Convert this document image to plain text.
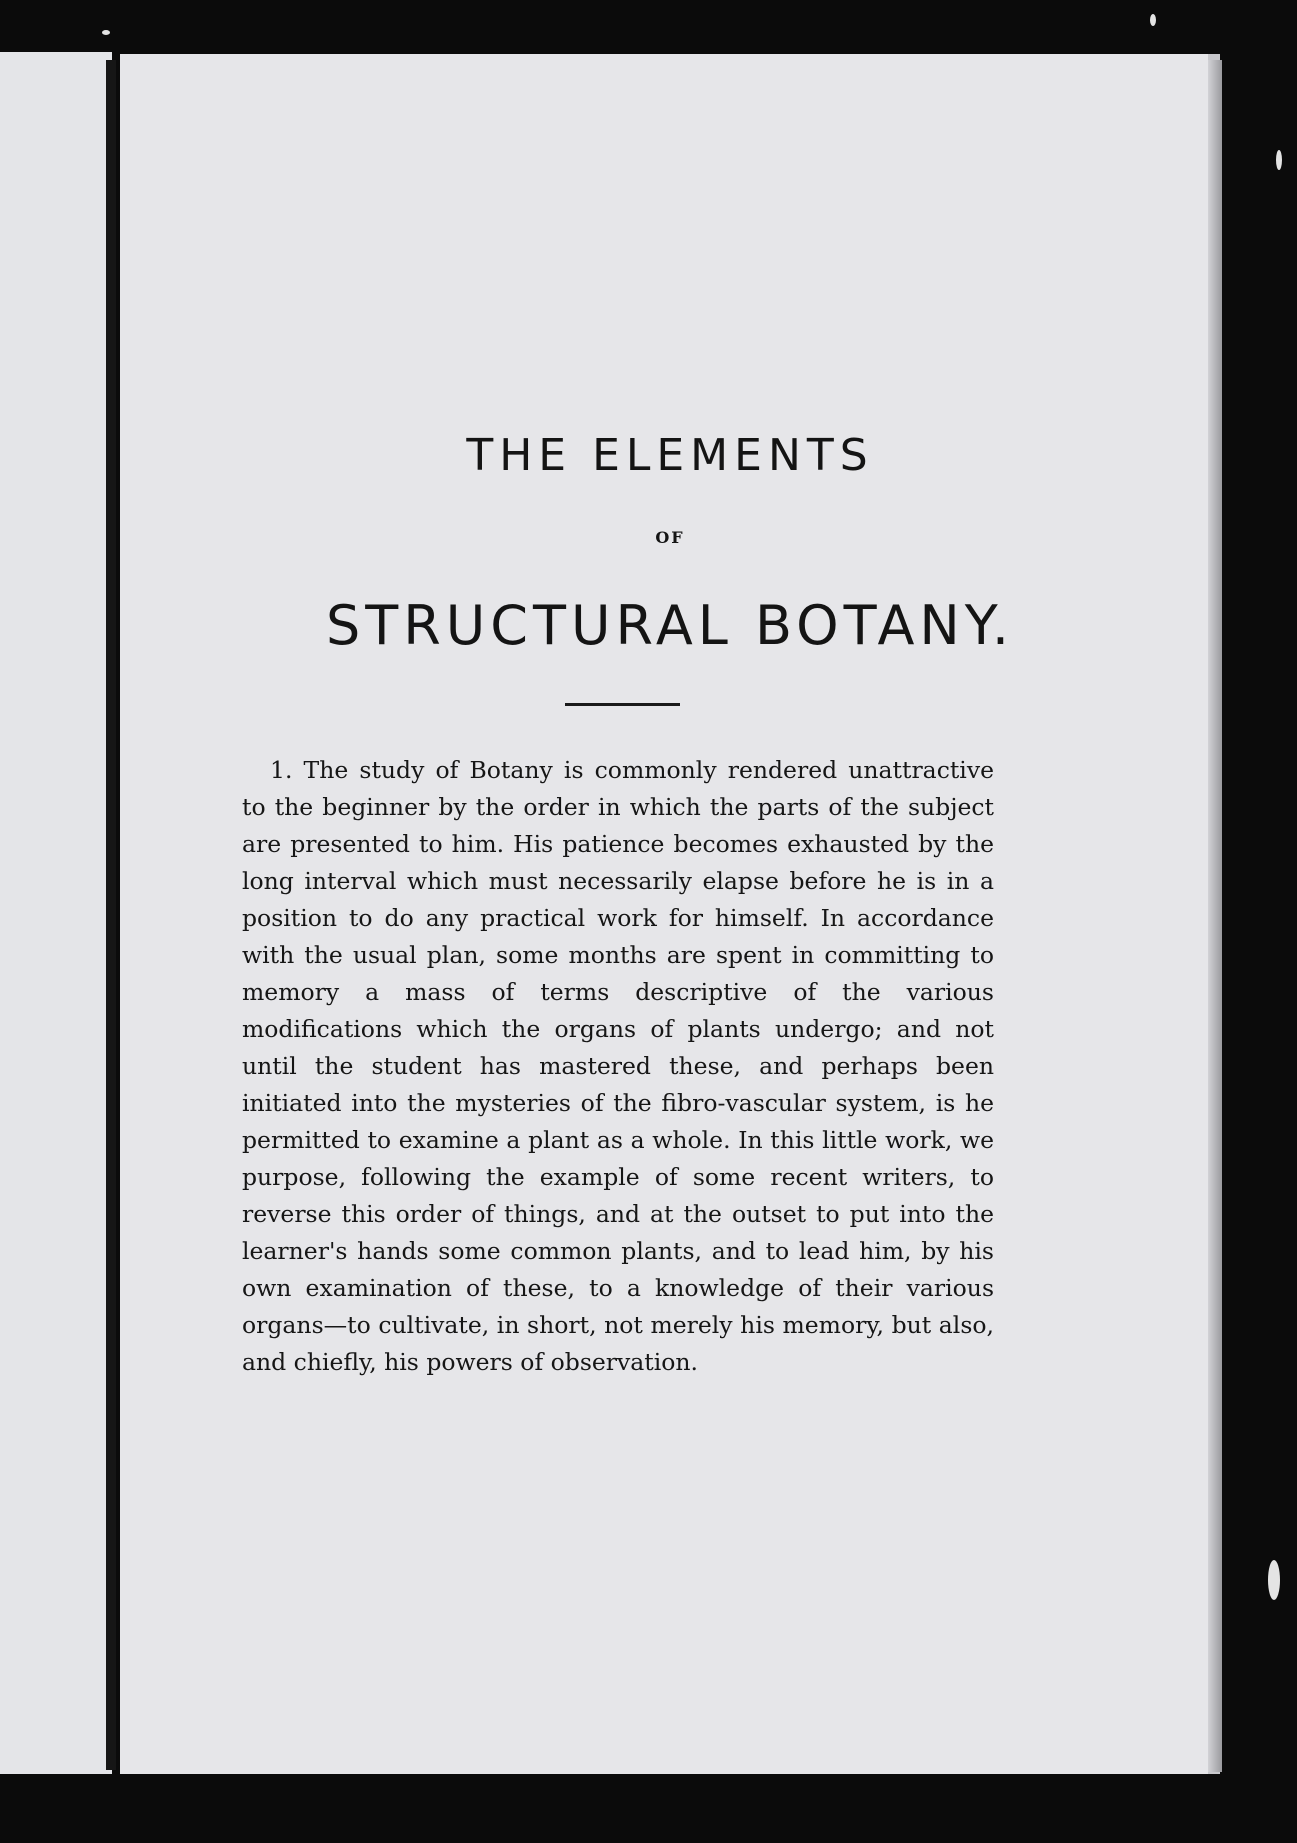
THE ELEMENTS
OF
STRUCTURAL BOTANY.
1. The study of Botany is commonly rendered unattractive to the beginner by the order in which the parts of the subject are presented to him. His patience becomes exhausted by the long interval which must necessarily elapse before he is in a position to do any practical work for himself. In accordance with the usual plan, some months are spent in committing to memory a mass of terms descriptive of the various modifications which the organs of plants undergo; and not until the student has mastered these, and perhaps been initiated into the mysteries of the fibro-vascular system, is he permitted to examine a plant as a whole. In this little work, we purpose, following the example of some recent writers, to reverse this order of things, and at the outset to put into the learner's hands some common plants, and to lead him, by his own examination of these, to a knowledge of their various organs—to cultivate, in short, not merely his memory, but also, and chiefly, his powers of observation.
